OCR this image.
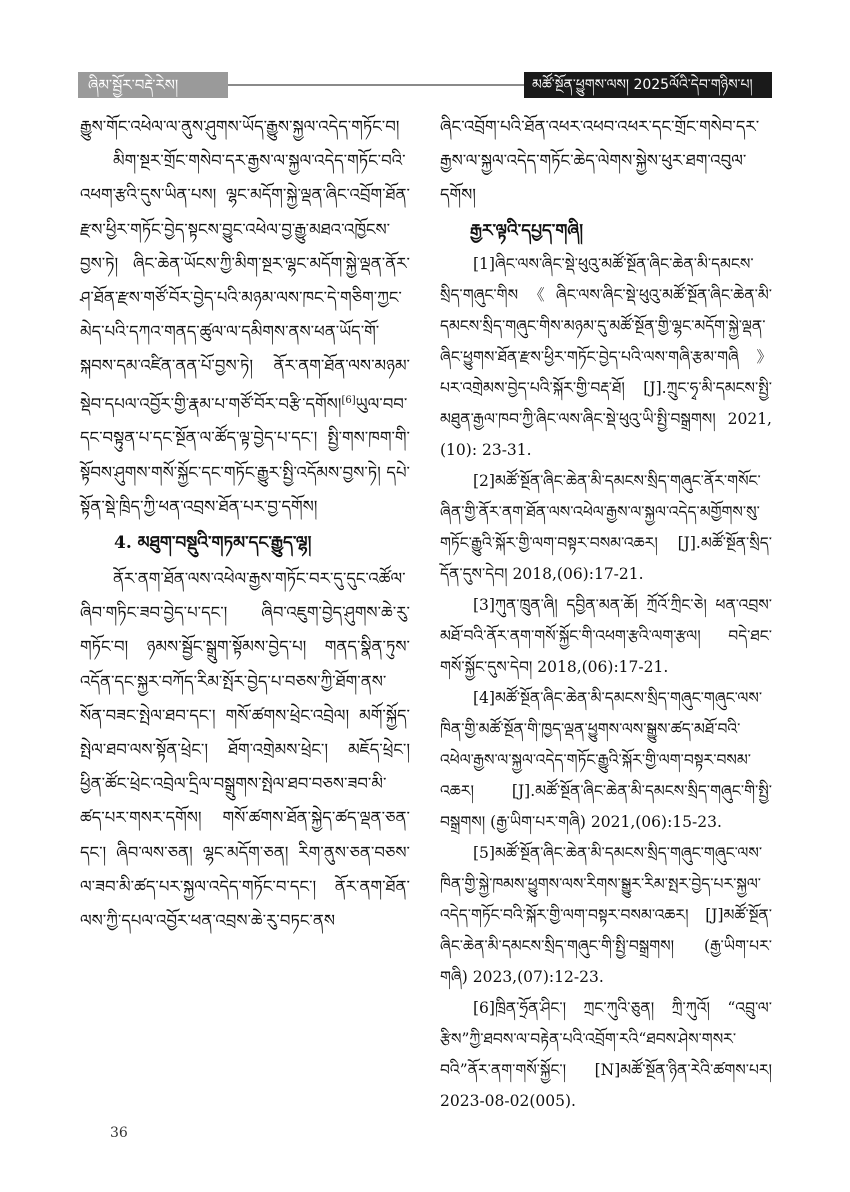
ཞིམ་སྦྱོར་བརྡེ་རེས།	མཚོ་སྔོན་ཕྱུགས་ལས། 2025ལོའི་དེབ་གཉིས་པ།

རྒྱུས་གོང་འཕེལ་ལ་ནུས་ཤུགས་ཡོད་རྒྱུས་སྐྱལ་འདེད་གཏོང་བ།

མིག་སྔར་གྲོང་གསེབ་དར་རྒྱས་ལ་སྐྱལ་འདེད་གཏོང་བའི་འཕག་རྩའི་དུས་ཡིན་པས། ལྷང་མདོག་སྐྱེ་ལྡན་ཞིང་འབྲོག་ཐོན་རྫས་ཕྱིར་གཏོང་བྱེད་སྟངས་བྱུང་འཕེལ་བྱ་རྒྱུ་མཐའ་འཁྱོངས་བྱས་ཏེ། ཞིང་ཆེན་ཡོངས་ཀྱི་མིག་སྔར་ལྷང་མདོག་སྐྱེ་ལྡན་ནོར་ཤ་ཐོན་རྫས་གཙོ་བོར་བྱེད་པའི་མཉམ་ལས་ཁང་དེ་གཅིག་ཀྱང་མེད་པའི་དཀའ་གནད་ཚུལ་ལ་དམིགས་ནས་ཕན་ཡོད་གོ་སྐབས་དམ་འཛིན་ནན་པོ་བྱས་ཏེ། ནོར་ནག་ཐོན་ལས་མཉམ་སྡེབ་དཔལ་འབྱོར་གྱི་རྣམ་པ་གཙོ་བོར་བརྩི་དགོས།[6]ཡུལ་བབ་དང་བསྟུན་པ་དང་སྔོན་ལ་ཚོད་ལྟ་བྱེད་པ་དང་། སྤྱི་གས་ཁག་གི་སྟོབས་ཤུགས་གསོ་སྐྱོང་དང་གཏོང་རྒྱུར་སྤྱི་འདོམས་བྱས་ཏེ། དཔེ་སྟོན་སྡེ་ཁྲིད་ཀྱི་ཕན་འབྲས་ཐོན་པར་བྱ་དགོས།

4. མཐུག་བསྡུའི་གཏམ་དང་རྒྱུད་ལྷ།

ནོར་ནག་ཐོན་ལས་འཕེལ་རྒྱས་གཏོང་བར་དུ་དུང་འཚོལ་ཞིབ་གཏིང་ཟབ་བྱེད་པ་དང་། ཞིབ་འཇུག་བྱེད་ཤུགས་ཆེ་རུ་གཏོང་བ། ཉམས་སྦྱོང་སྒྲུག་སྟོམས་བྱེད་པ། གནད་སྣིན་ཏུས་འདོན་དང་སྐྱར་བཀོད་རིམ་སྤོར་བྱེད་པ་བཅས་ཀྱི་ཐོག་ནས་སོན་བཟང་སྤེལ་ཐབ་དང་། གསོ་ཚགས་ཕྲེང་འབྲེལ། མགོ་སྐྱོད་སྤེལ་ཐབ་ལས་སྟོན་ཕྲེང་། ཐོག་འགྲེམས་ཕྲེང་། མཇོད་ཕྲེང་། ཕྱིན་ཚོང་ཕྲེང་འབྲེལ་དྲིལ་བསྒྲུགས་སྤེལ་ཐབ་བཅས་ཟབ་མི་ཚད་པར་གསར་དགོས། གསོ་ཚགས་ཐོན་སྐྱེད་ཚད་ལྡན་ཅན་དང་། ཞིབ་ལས་ཅན། ལྷང་མདོག་ཅན། རིག་ནུས་ཅན་བཅས་ལ་ཟབ་མི་ཚད་པར་སྐྱལ་འདེད་གཏོང་བ་དང་། ནོར་ནག་ཐོན་ལས་ཀྱི་དཔལ་འབྱོར་ཕན་འབྲས་ཆེ་རུ་བཏང་ནས

ཞིང་འབྲོག་པའི་ཐོན་འཕར་འཕབ་འཕར་དང་གྲོང་གསེབ་དར་རྒྱས་ལ་སྐྱལ་འདེད་གཏོང་ཆེད་ལེགས་སྐྱེས་ཕུར་ཐག་འབུལ་དགོས།

རྒྱར་ལྟའི་དཔྱད་གཞི།

[1]ཞིང་ལས་ཞིང་སྡེ་ཕུའུ་མཚོ་སྔོན་ཞིང་ཆེན་མི་དམངས་སྲིད་གཞུང་གིས《ཞིང་ལས་ཞིང་སྡེ་ཕུའུ་མཚོ་སྔོན་ཞིང་ཆེན་མི་དམངས་སྲིད་གཞུང་གིས་མཉམ་དུ་མཚོ་སྔོན་གྱི་ལྷང་མདོག་སྐྱེ་ལྡན་ཞིང་ཕྱུགས་ཐོན་རྫས་ཕྱིར་གཏོང་བྱེད་པའི་ལས་གཞི་རྩམ་གཞི》པར་འགྲེམས་བྱེད་པའི་སྐོར་གྱི་བརྡ་ཐོ། [J].ཀྲུང་ཧྭ་མི་དམངས་སྤྱི་མཐུན་རྒྱལ་ཁབ་ཀྱི་ཞིང་ལས་ཞིང་སྡེ་ཕུའུ་ཡི་སྤྱི་བསྒྲགས། 2021,(10): 23-31.

[2]མཚོ་སྔོན་ཞིང་ཆེན་མི་དམངས་སྲིད་གཞུང་ནོར་གསོང་ཞིན་གྱི་ནོར་ནག་ཐོན་ལས་འཕེལ་རྒྱས་ལ་སྐྱལ་འདེད་མགྱོགས་སུ་གཏོང་རྒྱུའི་སྐོར་གྱི་ལག་བསྟར་བསམ་འཆར། [J].མཚོ་སྔོན་སྲིད་དོན་དུས་དེབ། 2018,(06):17-21.

[3]ཀུན་ཁྲུན་ཞི། དབྱིན་མན་ཆོ། ཀྲོའོ་ཀྲིང་ཅེ། ཕན་འབྲས་མཐོ་བའི་ནོར་ནག་གསོ་སྐྱོང་གི་འཕག་རྩའི་ལག་རྩལ། བདེ་ཐང་གསོ་སྐྱོང་དུས་དེབ། 2018,(06):17-21.

[4]མཚོ་སྔོན་ཞིང་ཆེན་མི་དམངས་སྲིད་གཞུང་གཞུང་ལས་ཁིན་གྱི་མཚོ་སྔོན་གི་ཁྱད་ལྡན་ཕྱུགས་ལས་སྒྱུས་ཚད་མཐོ་བའི་འཕེལ་རྒྱས་ལ་སྐྱལ་འདེད་གཏོང་རྒྱུའི་སྐོར་གྱི་ལག་བསྟར་བསམ་འཆར། [J].མཚོ་སྔོན་ཞིང་ཆེན་མི་དམངས་སྲིད་གཞུང་གི་སྤྱི་བསྒྲགས། (རྒྱ་ཡིག་པར་གཞི) 2021,(06):15-23.

[5]མཚོ་སྔོན་ཞིང་ཆེན་མི་དམངས་སྲིད་གཞུང་གཞུང་ལས་ཁིན་གྱི་སྐྱེ་ཁམས་ཕྱུགས་ལས་རིགས་སྒྱུར་རིམ་སྤར་བྱེད་པར་སྐྱལ་འདེད་གཏོང་བའི་སྐོར་གྱི་ལག་བསྟར་བསམ་འཆར། [J]མཚོ་སྔོན་ཞིང་ཆེན་མི་དམངས་སྲིད་གཞུང་གི་སྤྱི་བསྒྲགས། (རྒྱ་ཡིག་པར་གཞི) 2023,(07):12-23.

[6]ཁྲིན་ཧྲོན་ཤིང་། ཀྲང་ཀུའི་ཅུན། ཀྲི་ཀུའོ། “འབྲུ་ལ་རྩིས”ཀྱི་ཐབས་ལ་བརྟེན་པའི་འབྲོག་རའི“ཐབས་ཤེས་གསར་བའི”ནོར་ནག་གསོ་སྐྱོང་། [N]མཚོ་སྔོན་ཉིན་རེའི་ཚགས་པར། 2023-08-02(005).

36
